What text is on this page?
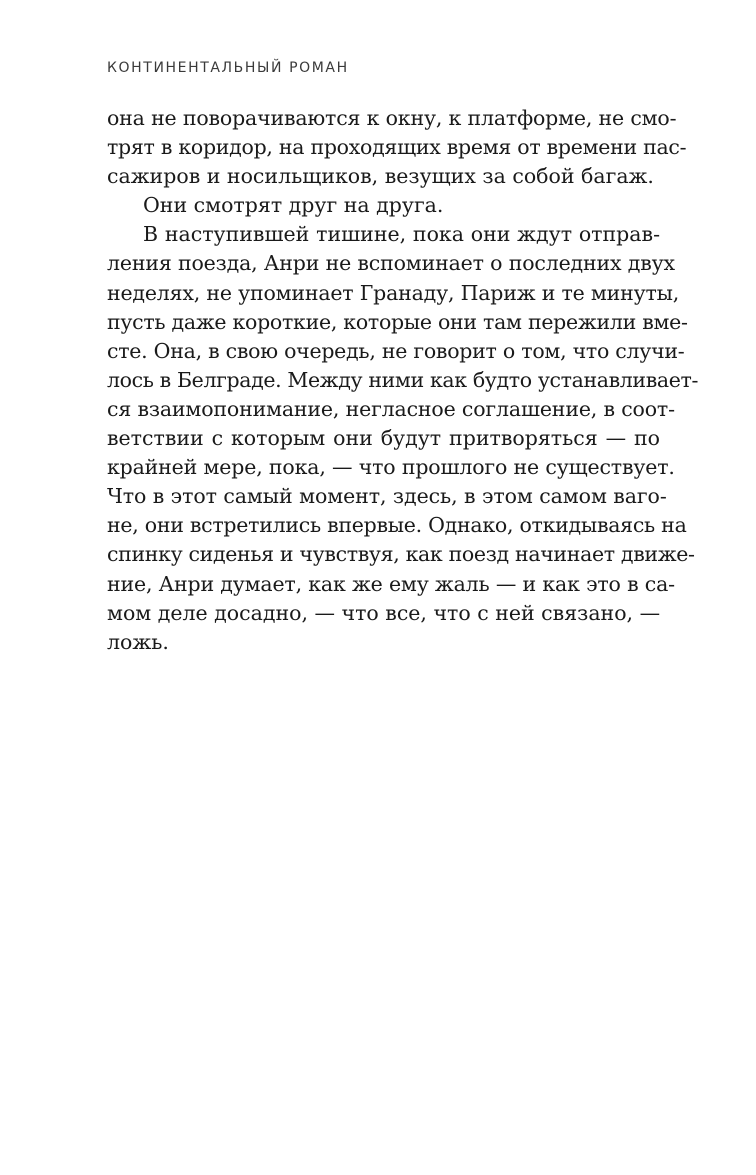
КОНТИНЕНТАЛЬНЫЙ РОМАН
она не поворачиваются к окну, к платформе, не смо-
трят в коридор, на проходящих время от времени пас-
сажиров и носильщиков, везущих за собой багаж.
Они смотрят друг на друга.
В наступившей тишине, пока они ждут отправ-
ления поезда, Анри не вспоминает о последних двух
неделях, не упоминает Гранаду, Париж и те минуты,
пусть даже короткие, которые они там пережили вме-
сте. Она, в свою очередь, не говорит о том, что случи-
лось в Белграде. Между ними как будто устанавливает-
ся взаимопонимание, негласное соглашение, в соот-
ветствии с которым они будут притворяться — по
крайней мере, пока, — что прошлого не существует.
Что в этот самый момент, здесь, в этом самом ваго-
не, они встретились впервые. Однако, откидываясь на
спинку сиденья и чувствуя, как поезд начинает движе-
ние, Анри думает, как же ему жаль — и как это в са-
мом деле досадно, — что все, что с ней связано, —
ложь.
